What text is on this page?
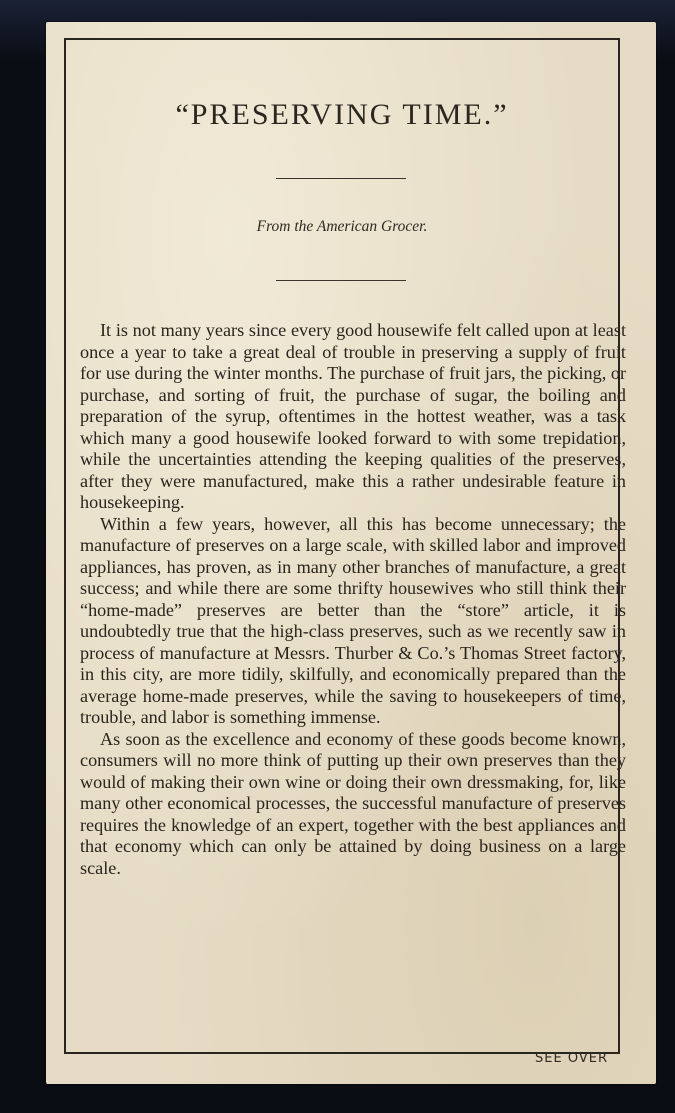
“PRESERVING TIME.”
From the American Grocer.

It is not many years since every good housewife felt called upon at least once a year to take a great deal of trouble in preserving a supply of fruit for use during the winter months. The purchase of fruit jars, the picking, or purchase, and sorting of fruit, the purchase of sugar, the boiling and preparation of the syrup, oftentimes in the hottest weather, was a task which many a good housewife looked forward to with some trepidation, while the uncertainties attending the keeping qualities of the preserves, after they were manufactured, make this a rather undesirable feature in housekeeping.

Within a few years, however, all this has become unnecessary; the manufacture of preserves on a large scale, with skilled labor and improved appliances, has proven, as in many other branches of manufacture, a great success; and while there are some thrifty housewives who still think their “home-made” preserves are better than the “store” article, it is undoubtedly true that the high-class preserves, such as we recently saw in process of manufacture at Messrs. Thurber & Co.’s Thomas Street factory, in this city, are more tidily, skilfully, and economically prepared than the average home-made preserves, while the saving to housekeepers of time, trouble, and labor is something immense.

As soon as the excellence and economy of these goods become known, consumers will no more think of putting up their own preserves than they would of making their own wine or doing their own dressmaking, for, like many other economical processes, the successful manufacture of preserves requires the knowledge of an expert, together with the best appliances and that economy which can only be attained by doing business on a large scale.

SEE OVER
